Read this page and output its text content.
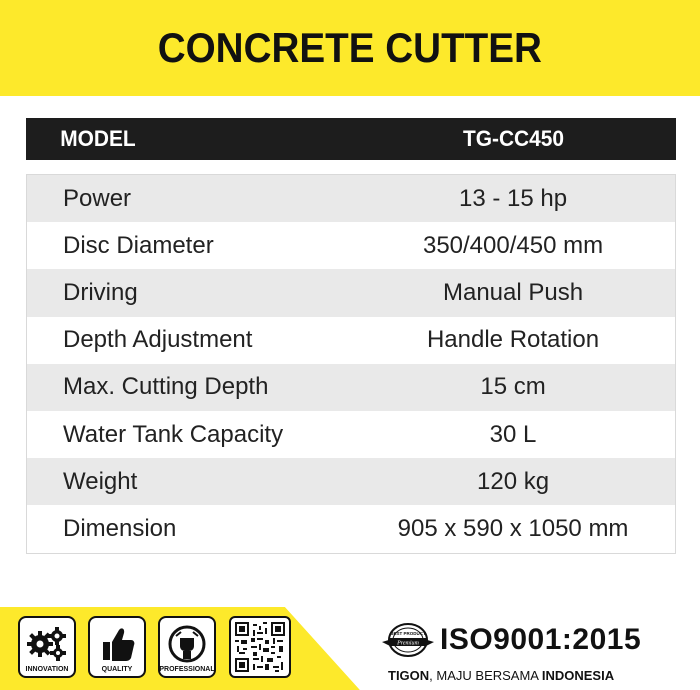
CONCRETE CUTTER
MODEL	TG-CC450
Power	13 - 15 hp
Disc Diameter	350/400/450 mm
Driving	Manual Push
Depth Adjustment	Handle Rotation
Max. Cutting Depth	15 cm
Water Tank Capacity	30 L
Weight	120 kg
Dimension	905 x 590 x 1050 mm
INNOVATION	QUALITY	PROFESSIONAL
BEST PRODUCT
Premium ISO9001:2015
TIGON, MAJU BERSAMA INDONESIA
